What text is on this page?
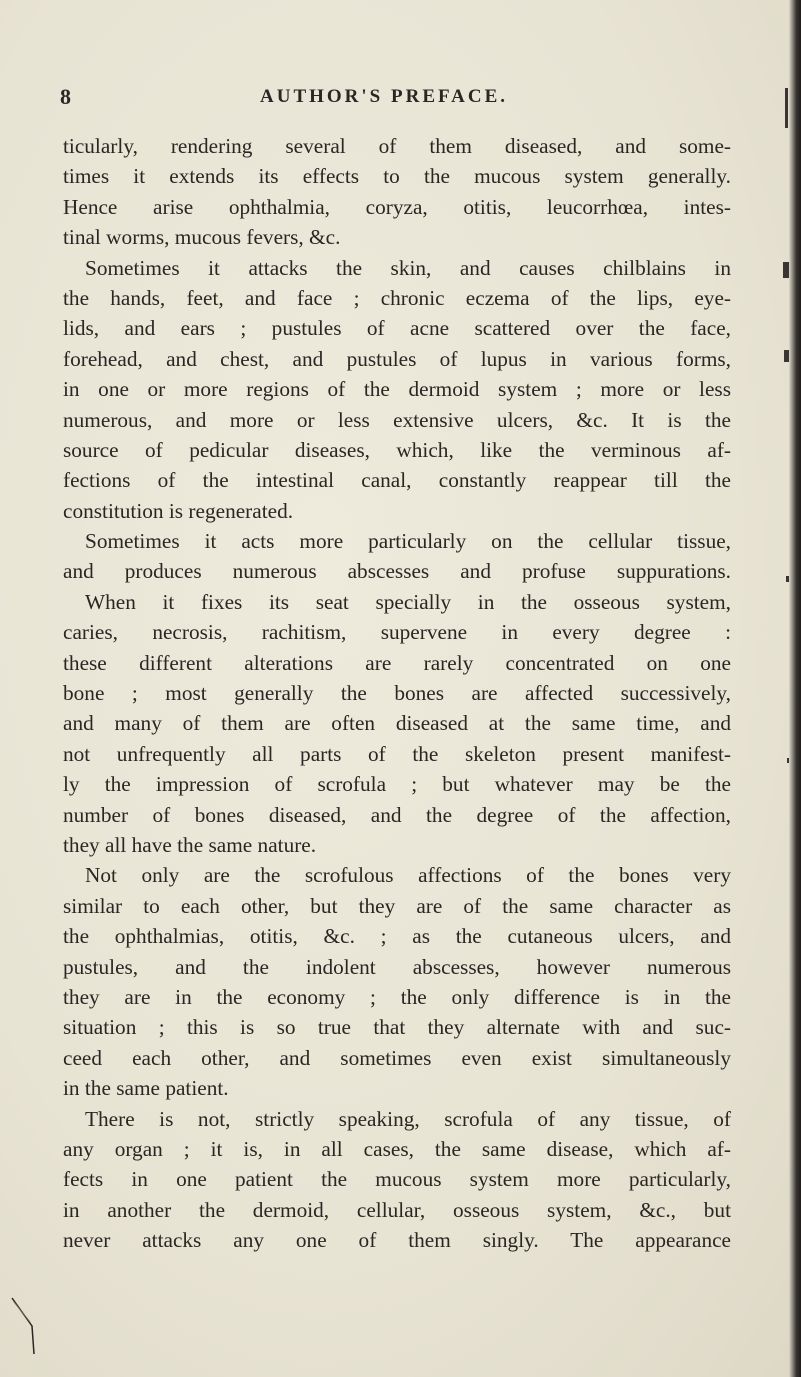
8	AUTHOR'S PREFACE.
ticularly, rendering several of them diseased, and some-
times it extends its effects to the mucous system generally.
Hence arise ophthalmia, coryza, otitis, leucorrhœa, intes-
tinal worms, mucous fevers, &c.
Sometimes it attacks the skin, and causes chilblains in
the hands, feet, and face ; chronic eczema of the lips, eye-
lids, and ears ; pustules of acne scattered over the face,
forehead, and chest, and pustules of lupus in various forms,
in one or more regions of the dermoid system ; more or less
numerous, and more or less extensive ulcers, &c. It is the
source of pedicular diseases, which, like the verminous af-
fections of the intestinal canal, constantly reappear till the
constitution is regenerated.
Sometimes it acts more particularly on the cellular tissue,
and produces numerous abscesses and profuse suppurations.
When it fixes its seat specially in the osseous system,
caries, necrosis, rachitism, supervene in every degree :
these different alterations are rarely concentrated on one
bone ; most generally the bones are affected successively,
and many of them are often diseased at the same time, and
not unfrequently all parts of the skeleton present manifest-
ly the impression of scrofula ; but whatever may be the
number of bones diseased, and the degree of the affection,
they all have the same nature.
Not only are the scrofulous affections of the bones very
similar to each other, but they are of the same character as
the ophthalmias, otitis, &c. ; as the cutaneous ulcers, and
pustules, and the indolent abscesses, however numerous
they are in the economy ; the only difference is in the
situation ; this is so true that they alternate with and suc-
ceed each other, and sometimes even exist simultaneously
in the same patient.
There is not, strictly speaking, scrofula of any tissue, of
any organ ; it is, in all cases, the same disease, which af-
fects in one patient the mucous system more particularly,
in another the dermoid, cellular, osseous system, &c., but
never attacks any one of them singly. The appearance
